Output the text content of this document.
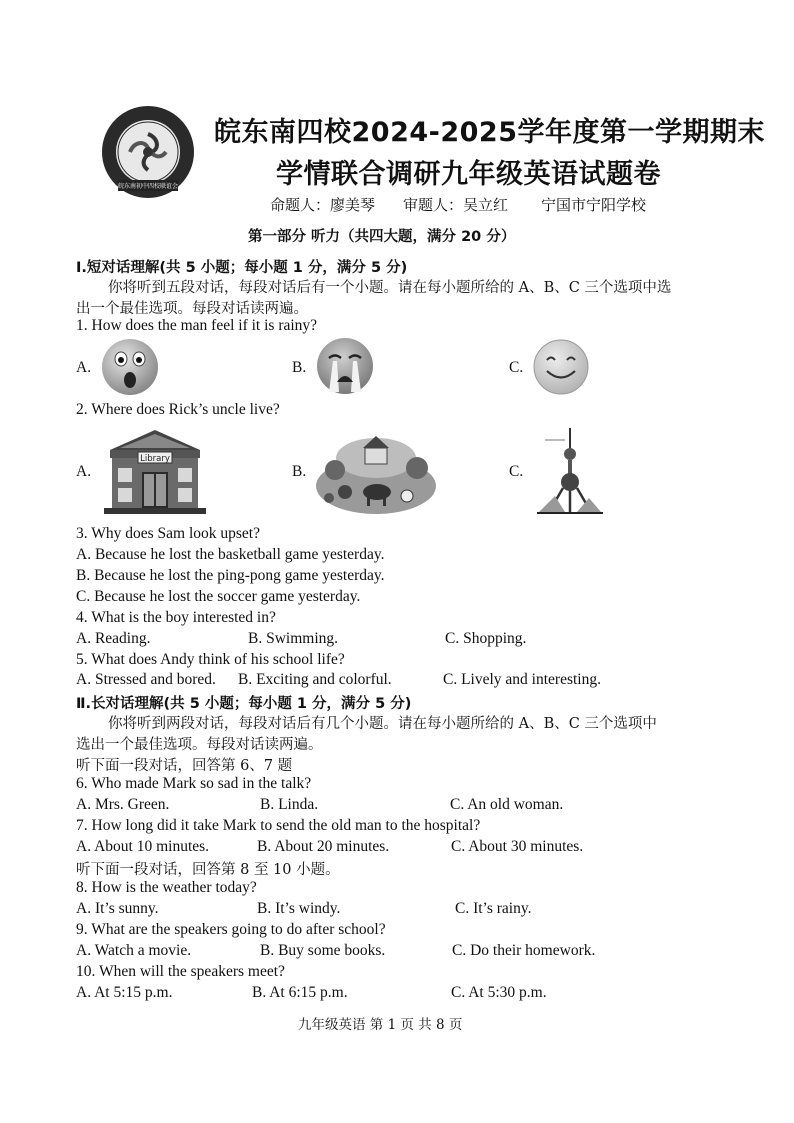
皖东南初中四校联谊会
皖东南四校2024-2025学年度第一学期期末
学情联合调研九年级英语试题卷
命题人：廖美琴 审题人：吴立红 宁国市宁阳学校
第一部分 听力（共四大题，满分 20 分）
Ⅰ.短对话理解(共 5 小题；每小题 1 分，满分 5 分)
你将听到五段对话，每段对话后有一个小题。请在每小题所给的 A、B、C 三个选项中选
出一个最佳选项。每段对话读两遍。
1. How does the man feel if it is rainy?
A.	B.	C.
2. Where does Rick’s uncle live?
A.
Library
B.	C.
3. Why does Sam look upset?
A. Because he lost the basketball game yesterday.
B. Because he lost the ping-pong game yesterday.
C. Because he lost the soccer game yesterday.
4. What is the boy interested in?
A. Reading.	B. Swimming.	C. Shopping.
5. What does Andy think of his school life?
A. Stressed and bored. B. Exciting and colorful.	C. Lively and interesting.
Ⅱ.长对话理解(共 5 小题；每小题 1 分，满分 5 分)
你将听到两段对话，每段对话后有几个小题。请在每小题所给的 A、B、C 三个选项中
选出一个最佳选项。每段对话读两遍。
听下面一段对话，回答第 6、7 题
6. Who made Mark so sad in the talk?
A. Mrs. Green.	B. Linda.	C. An old woman.
7. How long did it take Mark to send the old man to the hospital?
A. About 10 minutes.	B. About 20 minutes.	C. About 30 minutes.
听下面一段对话，回答第 8 至 10 小题。
8. How is the weather today?
A. It’s sunny.	B. It’s windy.	C. It’s rainy.
9. What are the speakers going to do after school?
A. Watch a movie.	B. Buy some books.	C. Do their homework.
10. When will the speakers meet?
A. At 5:15 p.m.	B. At 6:15 p.m.	C. At 5:30 p.m.
九年级英语 第 1 页 共 8 页
